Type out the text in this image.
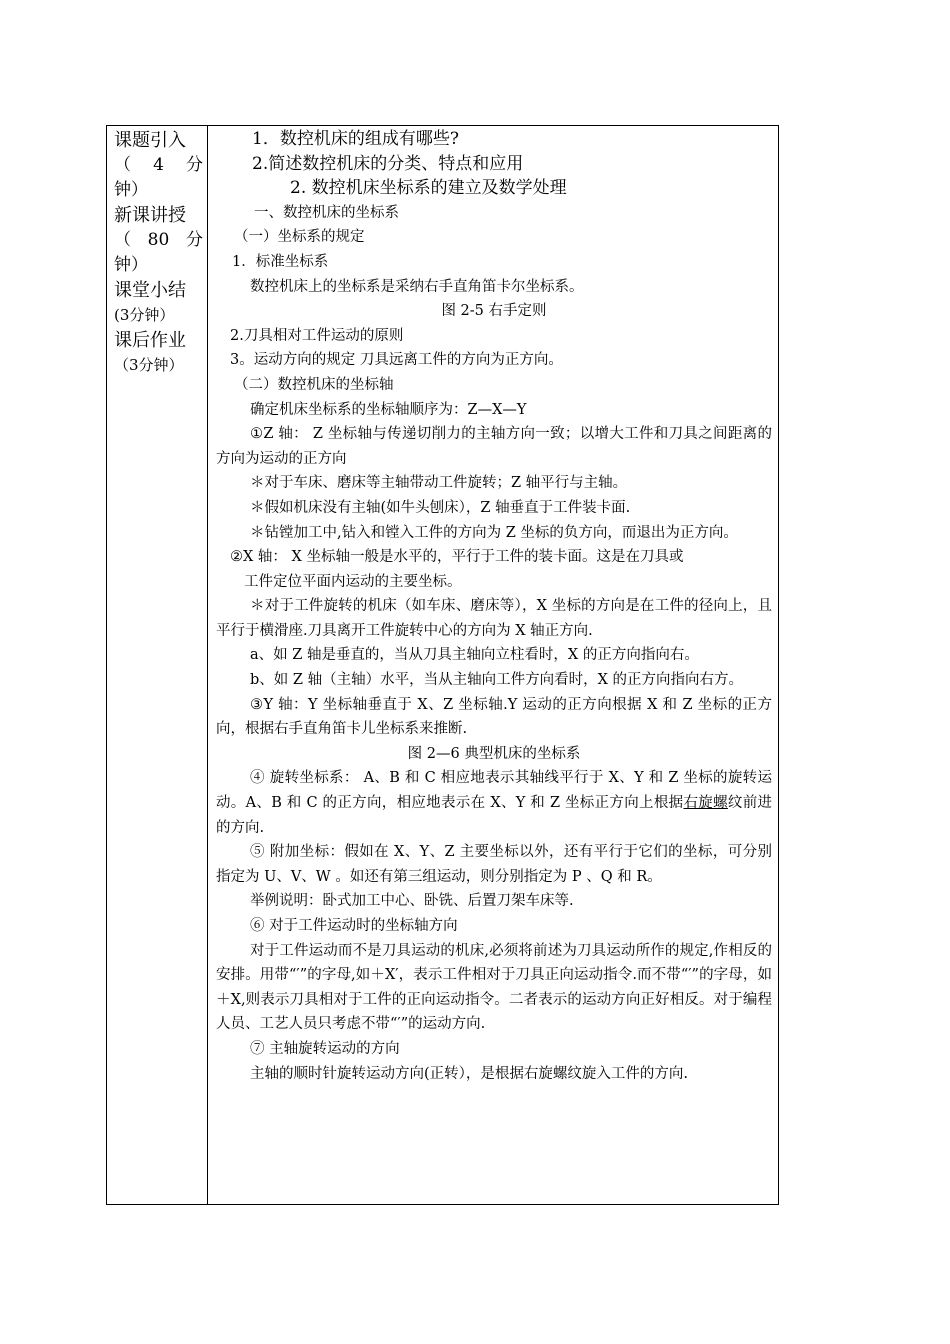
课题引入
（ 4 分
钟）
新课讲授
（ 80 分
钟）
课堂小结
(3分钟）
课后作业
（3分钟）

1．数控机床的组成有哪些?

2.简述数控机床的分类、特点和应用

2. 数控机床坐标系的建立及数学处理

一、数控机床的坐标系

（一）坐标系的规定

1．标准坐标系

数控机床上的坐标系是采纳右手直角笛卡尔坐标系。

图 2-5 右手定则

2.刀具相对工件运动的原则

3。运动方向的规定 刀具远离工件的方向为正方向。

（二）数控机床的坐标轴

确定机床坐标系的坐标轴顺序为：Z—X—Y

①Z 轴： Z 坐标轴与传递切削力的主轴方向一致；以增大工件和刀具之间距离的方向为运动的正方向

＊对于车床、磨床等主轴带动工件旋转；Z 轴平行与主轴。

＊假如机床没有主轴(如牛头刨床），Z 轴垂直于工件装卡面.

＊钻镗加工中,钻入和镗入工件的方向为 Z 坐标的负方向，而退出为正方向。

②X 轴： X 坐标轴一般是水平的，平行于工件的装卡面。这是在刀具或

工件定位平面内运动的主要坐标。

＊对于工件旋转的机床（如车床、磨床等），X 坐标的方向是在工件的径向上，且平行于横滑座.刀具离开工件旋转中心的方向为 X 轴正方向.

a、如 Z 轴是垂直的，当从刀具主轴向立柱看时，X 的正方向指向右。

b、如 Z 轴（主轴）水平，当从主轴向工件方向看时，X 的正方向指向右方。

③Y 轴：Y 坐标轴垂直于 X、Z 坐标轴.Y 运动的正方向根据 X 和 Z 坐标的正方向，根据右手直角笛卡儿坐标系来推断.

图 2—6 典型机床的坐标系

④ 旋转坐标系： A、B 和 C 相应地表示其轴线平行于 X、Y 和 Z 坐标的旋转运动。A、B 和 C 的正方向，相应地表示在 X、Y 和 Z 坐标正方向上根据右旋螺纹前进的方向.

⑤ 附加坐标：假如在 X、Y、Z 主要坐标以外，还有平行于它们的坐标，可分别指定为 U、V、W 。如还有第三组运动，则分别指定为 P 、Q 和 R。

举例说明：卧式加工中心、卧铣、后置刀架车床等.

⑥ 对于工件运动时的坐标轴方向

对于工件运动而不是刀具运动的机床,必须将前述为刀具运动所作的规定,作相反的安排。用带“′”的字母,如＋X′，表示工件相对于刀具正向运动指令.而不带“′”的字母，如＋X,则表示刀具相对于工件的正向运动指令。二者表示的运动方向正好相反。对于编程人员、工艺人员只考虑不带“′”的运动方向.

⑦ 主轴旋转运动的方向

主轴的顺时针旋转运动方向(正转），是根据右旋螺纹旋入工件的方向.
